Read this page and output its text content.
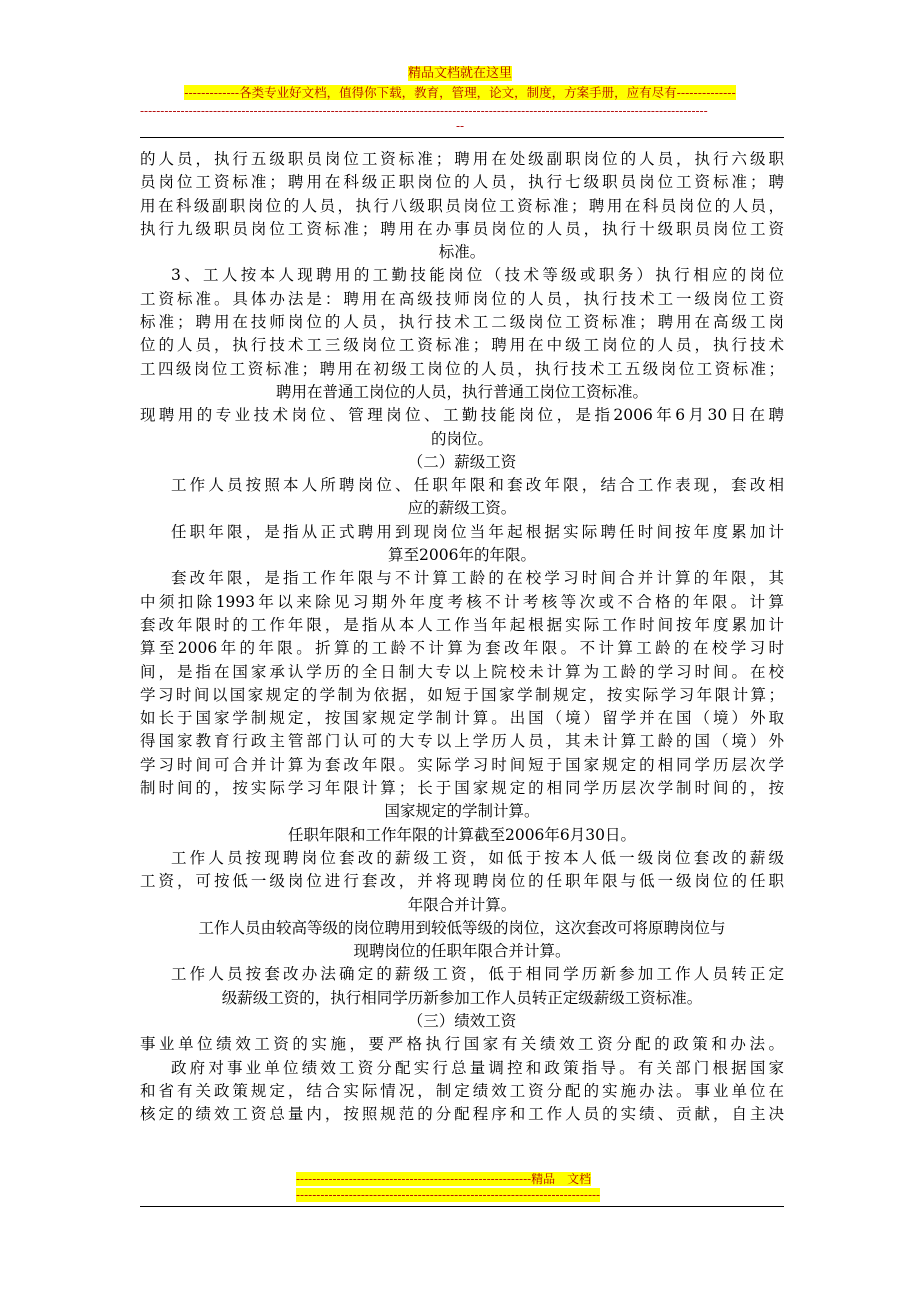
精品文档就在这里
-------------各类专业好文档，值得你下载，教育，管理，论文，制度，方案手册，应有尽有--------------
--------------------------------------------------------------------------------------------------------------------------------------------
--
的人员，执行五级职员岗位工资标准；聘用在处级副职岗位的人员，执行六级职
员岗位工资标准；聘用在科级正职岗位的人员，执行七级职员岗位工资标准；聘
用在科级副职岗位的人员，执行八级职员岗位工资标准；聘用在科员岗位的人员，
执行九级职员岗位工资标准；聘用在办事员岗位的人员，执行十级职员岗位工资
标准。
3、工人按本人现聘用的工勤技能岗位（技术等级或职务）执行相应的岗位
工资标准。具体办法是：聘用在高级技师岗位的人员，执行技术工一级岗位工资
标准；聘用在技师岗位的人员，执行技术工二级岗位工资标准；聘用在高级工岗
位的人员，执行技术工三级岗位工资标准；聘用在中级工岗位的人员，执行技术
工四级岗位工资标准；聘用在初级工岗位的人员，执行技术工五级岗位工资标准；
聘用在普通工岗位的人员，执行普通工岗位工资标准。
现聘用的专业技术岗位、管理岗位、工勤技能岗位，是指2006年6月30日在聘
的岗位。
（二）薪级工资
工作人员按照本人所聘岗位、任职年限和套改年限，结合工作表现，套改相
应的薪级工资。
任职年限，是指从正式聘用到现岗位当年起根据实际聘任时间按年度累加计
算至2006年的年限。
套改年限，是指工作年限与不计算工龄的在校学习时间合并计算的年限，其
中须扣除1993年以来除见习期外年度考核不计考核等次或不合格的年限。计算
套改年限时的工作年限，是指从本人工作当年起根据实际工作时间按年度累加计
算至2006年的年限。折算的工龄不计算为套改年限。不计算工龄的在校学习时
间，是指在国家承认学历的全日制大专以上院校未计算为工龄的学习时间。在校
学习时间以国家规定的学制为依据，如短于国家学制规定，按实际学习年限计算；
如长于国家学制规定，按国家规定学制计算。出国（境）留学并在国（境）外取
得国家教育行政主管部门认可的大专以上学历人员，其未计算工龄的国（境）外
学习时间可合并计算为套改年限。实际学习时间短于国家规定的相同学历层次学
制时间的，按实际学习年限计算；长于国家规定的相同学历层次学制时间的，按
国家规定的学制计算。
任职年限和工作年限的计算截至2006年6月30日。
工作人员按现聘岗位套改的薪级工资，如低于按本人低一级岗位套改的薪级
工资，可按低一级岗位进行套改，并将现聘岗位的任职年限与低一级岗位的任职
年限合并计算。
工作人员由较高等级的岗位聘用到较低等级的岗位，这次套改可将原聘岗位与
现聘岗位的任职年限合并计算。
工作人员按套改办法确定的薪级工资，低于相同学历新参加工作人员转正定
级薪级工资的，执行相同学历新参加工作人员转正定级薪级工资标准。
（三）绩效工资
事业单位绩效工资的实施，要严格执行国家有关绩效工资分配的政策和办法。
政府对事业单位绩效工资分配实行总量调控和政策指导。有关部门根据国家
和省有关政策规定，结合实际情况，制定绩效工资分配的实施办法。事业单位在
核定的绩效工资总量内，按照规范的分配程序和工作人员的实绩、贡献，自主决
----------------------------------------------------------精品　文档
---------------------------------------------------------------------------
